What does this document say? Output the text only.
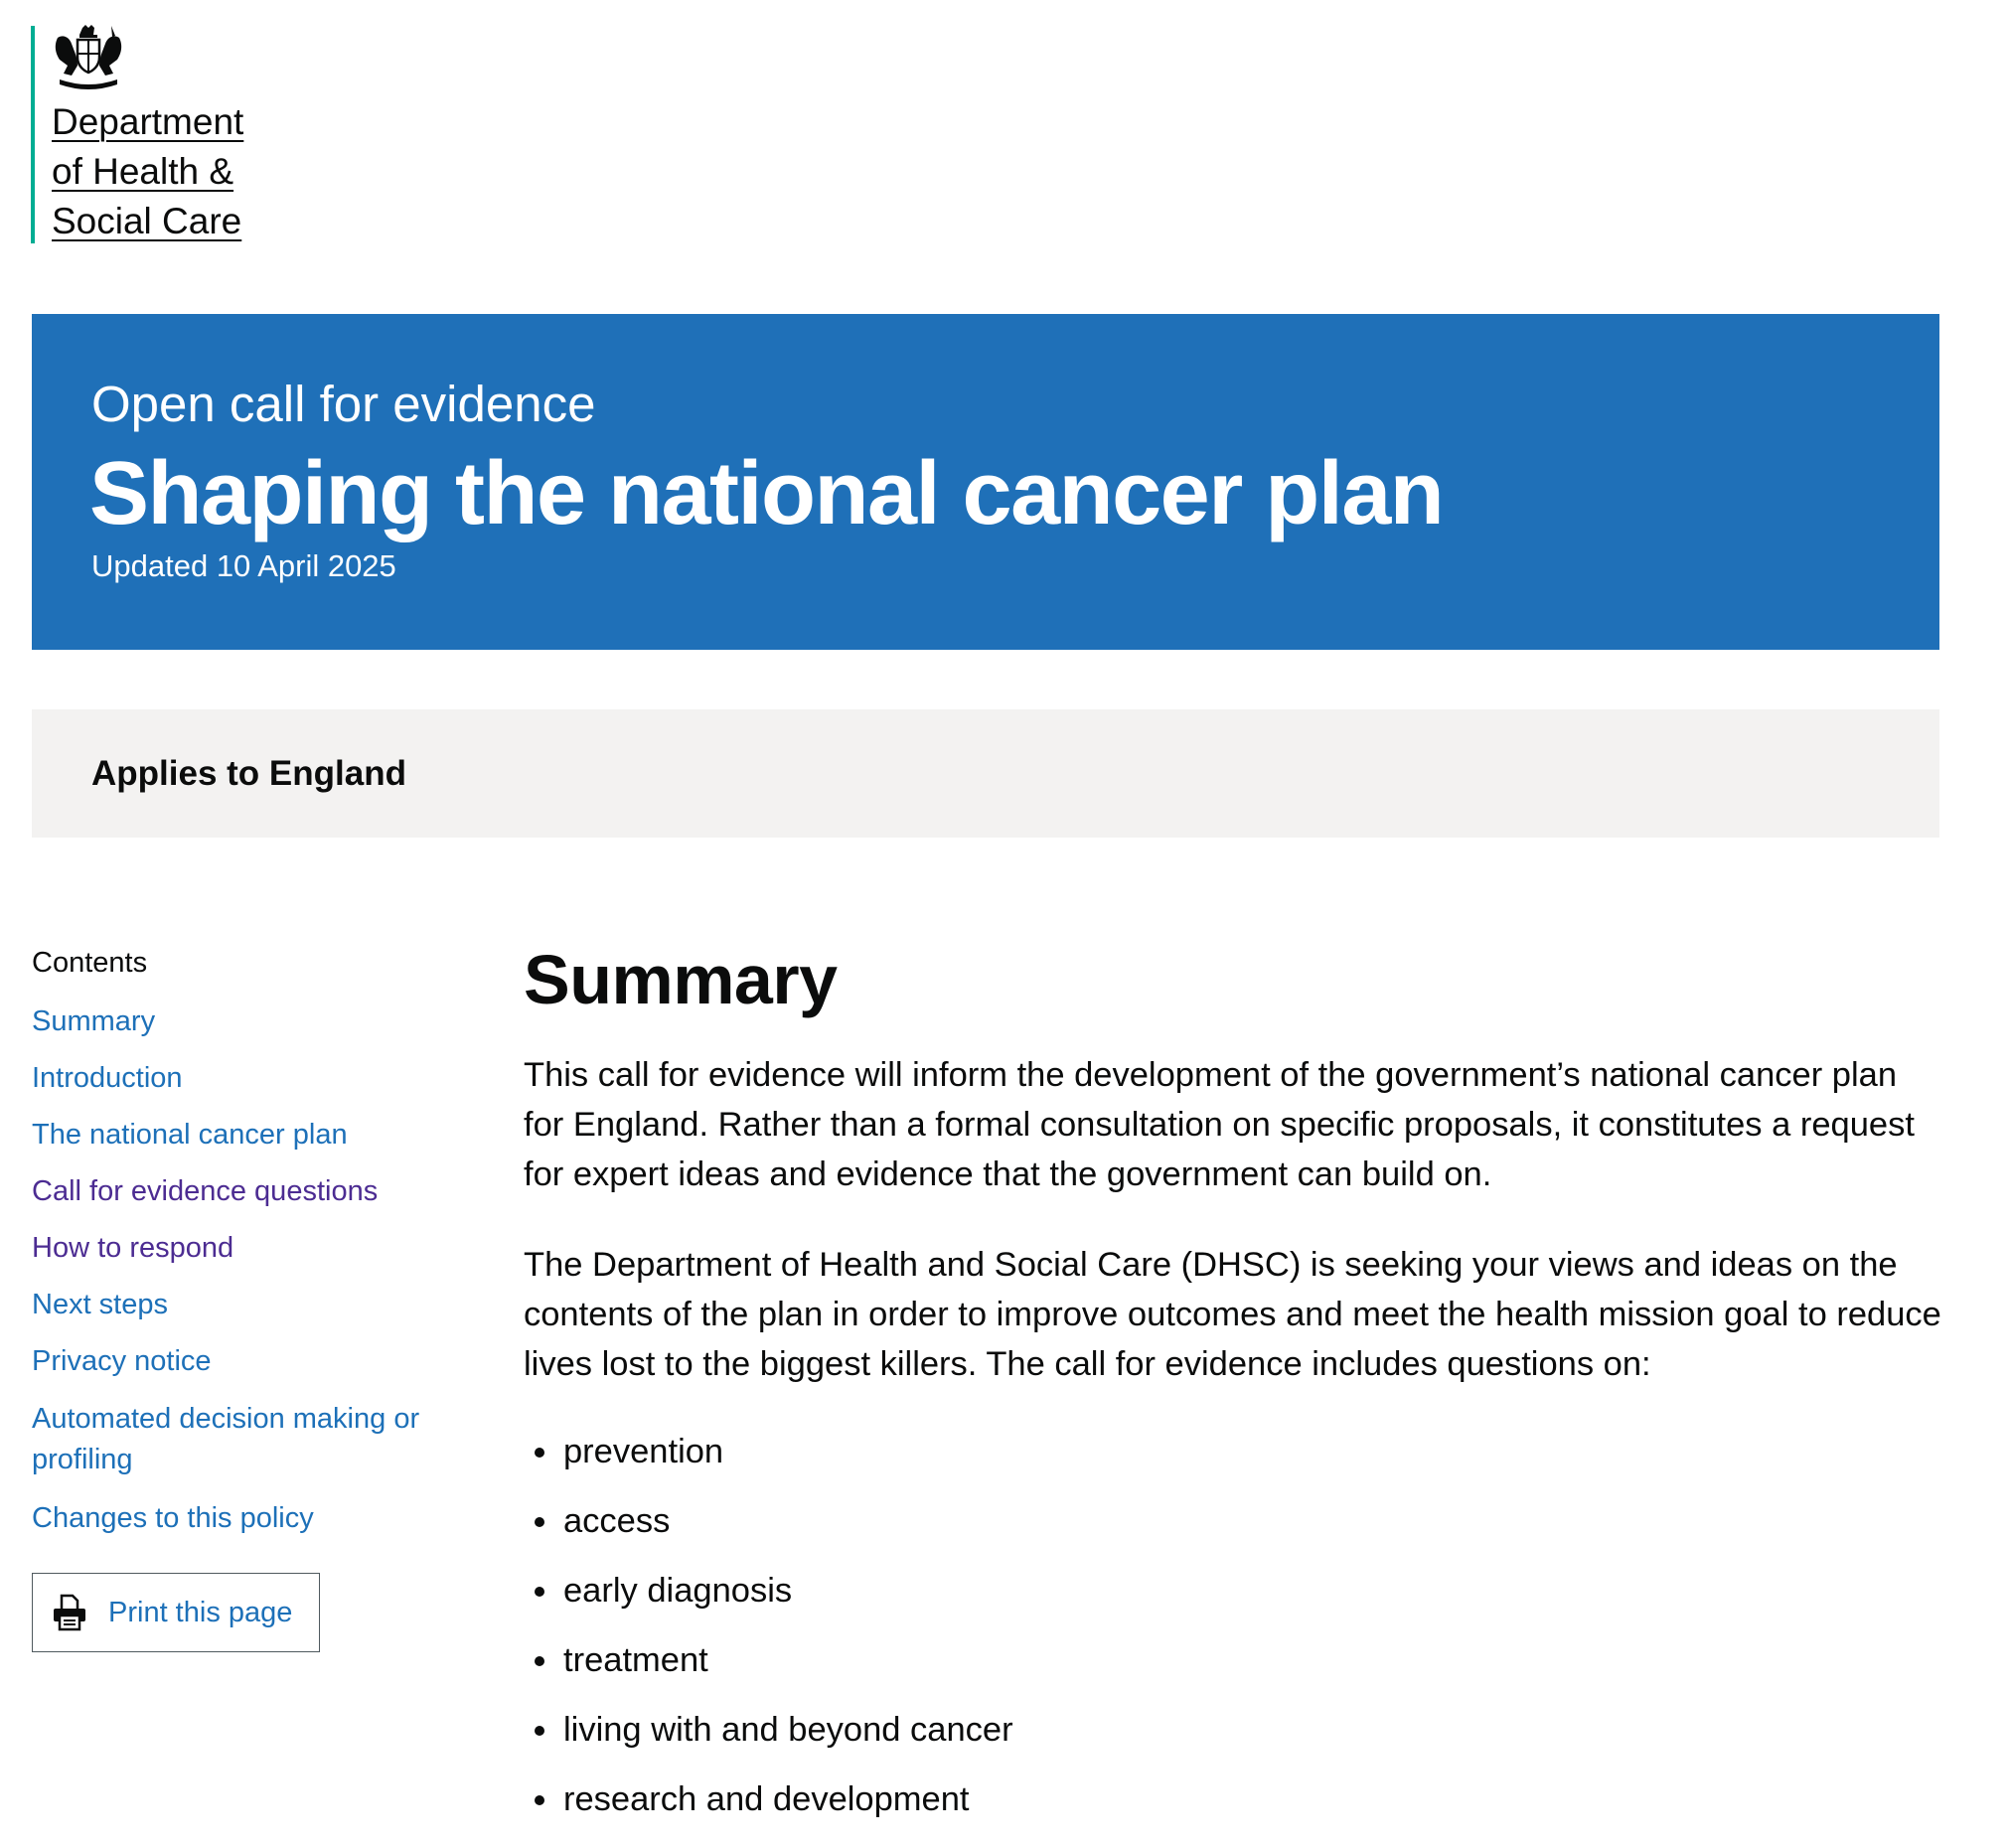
Department
of Health &
Social Care
Open call for evidence
Shaping the national cancer plan
Updated 10 April 2025
Applies to England
Contents
Summary
Introduction
The national cancer plan
Call for evidence questions
How to respond
Next steps
Privacy notice
Automated decision making or profiling
Changes to this policy
Print this page
Summary

This call for evidence will inform the development of the government’s national cancer plan for England. Rather than a formal consultation on specific proposals, it constitutes a request for expert ideas and evidence that the government can build on.

The Department of Health and Social Care (DHSC) is seeking your views and ideas on the contents of the plan in order to improve outcomes and meet the health mission goal to reduce lives lost to the biggest killers. The call for evidence includes questions on:

prevention
access
early diagnosis
treatment
living with and beyond cancer
research and development
